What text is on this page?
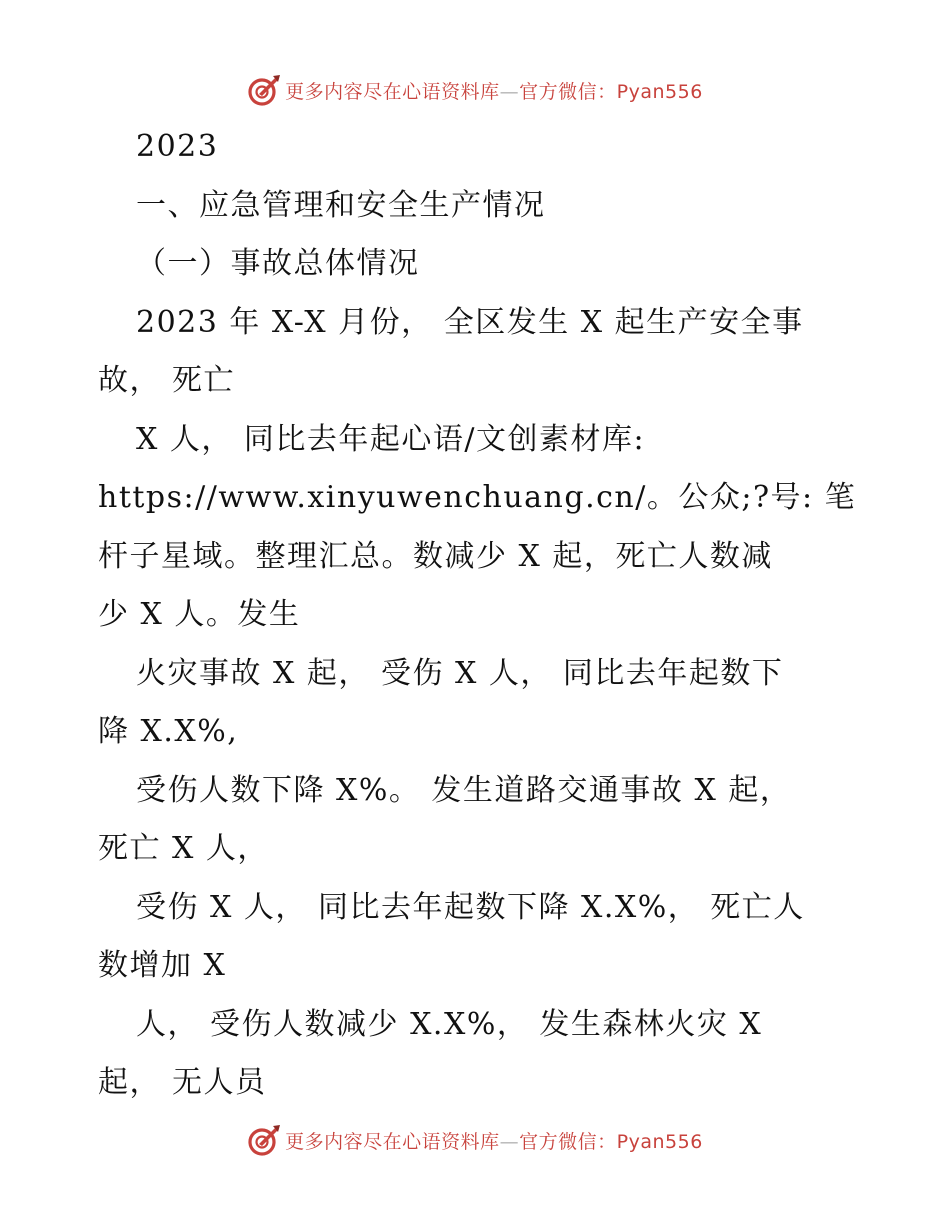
更多内容尽在心语资料库—官方微信：Pyan556
2023
一、应急管理和安全生产情况
（一）事故总体情况
2023 年 X-X 月份， 全区发生 X 起生产安全事
故， 死亡
X 人， 同比去年起心语/文创素材库:
https://www.xinyuwenchuang.cn/。公众;?号: 笔
杆子星域。整理汇总。数减少 X 起，死亡人数减
少 X 人。发生
火灾事故 X 起， 受伤 X 人， 同比去年起数下
降 X.X%,
受伤人数下降 X%。 发生道路交通事故 X 起，
死亡 X 人，
受伤 X 人， 同比去年起数下降 X.X%， 死亡人
数增加 X
人， 受伤人数减少 X.X%， 发生森林火灾 X
起， 无人员
更多内容尽在心语资料库—官方微信：Pyan556
